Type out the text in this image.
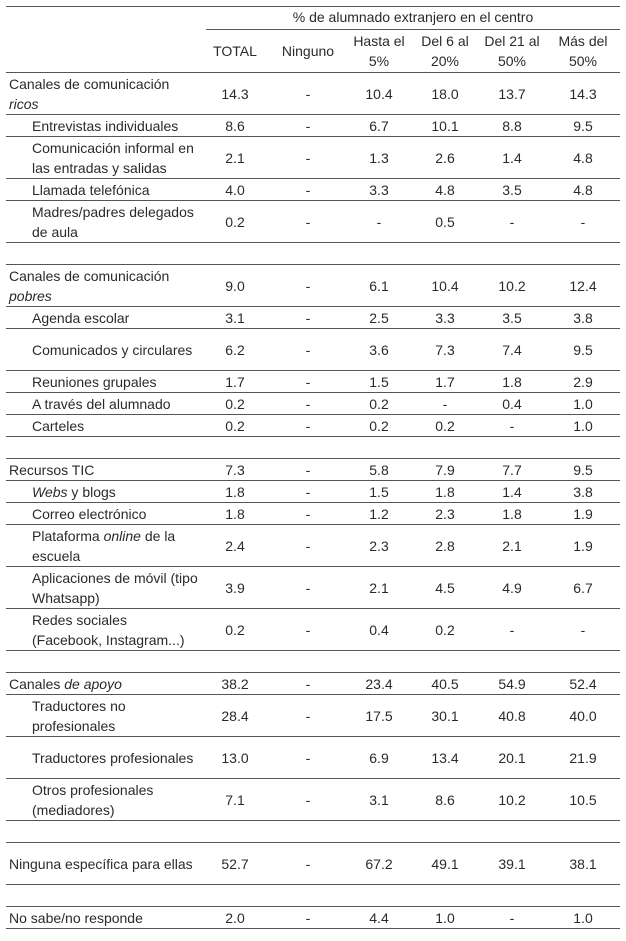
% de alumnado extranjero en el centro

TOTAL	Ninguno	Hasta el 5%	Del 6 al 20%	Del 21 al 50%	Más del 50%
Canales de comunicación ricos	14.3	-	10.4	18.0	13.7	14.3
Entrevistas individuales	8.6	-	6.7	10.1	8.8	9.5
Comunicación informal en las entradas y salidas	2.1	-	1.3	2.6	1.4	4.8
Llamada telefónica	4.0	-	3.3	4.8	3.5	4.8
Madres/padres delegados de aula	0.2	-	-	0.5	-	-

Canales de comunicación pobres	9.0	-	6.1	10.4	10.2	12.4
Agenda escolar	3.1	-	2.5	3.3	3.5	3.8
Comunicados y circulares	6.2	-	3.6	7.3	7.4	9.5
Reuniones grupales	1.7	-	1.5	1.7	1.8	2.9
A través del alumnado	0.2	-	0.2	-	0.4	1.0
Carteles	0.2	-	0.2	0.2	-	1.0

Recursos TIC	7.3	-	5.8	7.9	7.7	9.5
Webs y blogs	1.8	-	1.5	1.8	1.4	3.8
Correo electrónico	1.8	-	1.2	2.3	1.8	1.9
Plataforma online de la escuela	2.4	-	2.3	2.8	2.1	1.9
Aplicaciones de móvil (tipo Whatsapp)	3.9	-	2.1	4.5	4.9	6.7
Redes sociales (Facebook, Instagram...)	0.2	-	0.4	0.2	-	-

Canales de apoyo	38.2	-	23.4	40.5	54.9	52.4
Traductores no profesionales	28.4	-	17.5	30.1	40.8	40.0
Traductores profesionales	13.0	-	6.9	13.4	20.1	21.9
Otros profesionales (mediadores)	7.1	-	3.1	8.6	10.2	10.5

Ninguna específica para ellas	52.7	-	67.2	49.1	39.1	38.1

No sabe/no responde	2.0	-	4.4	1.0	-	1.0
